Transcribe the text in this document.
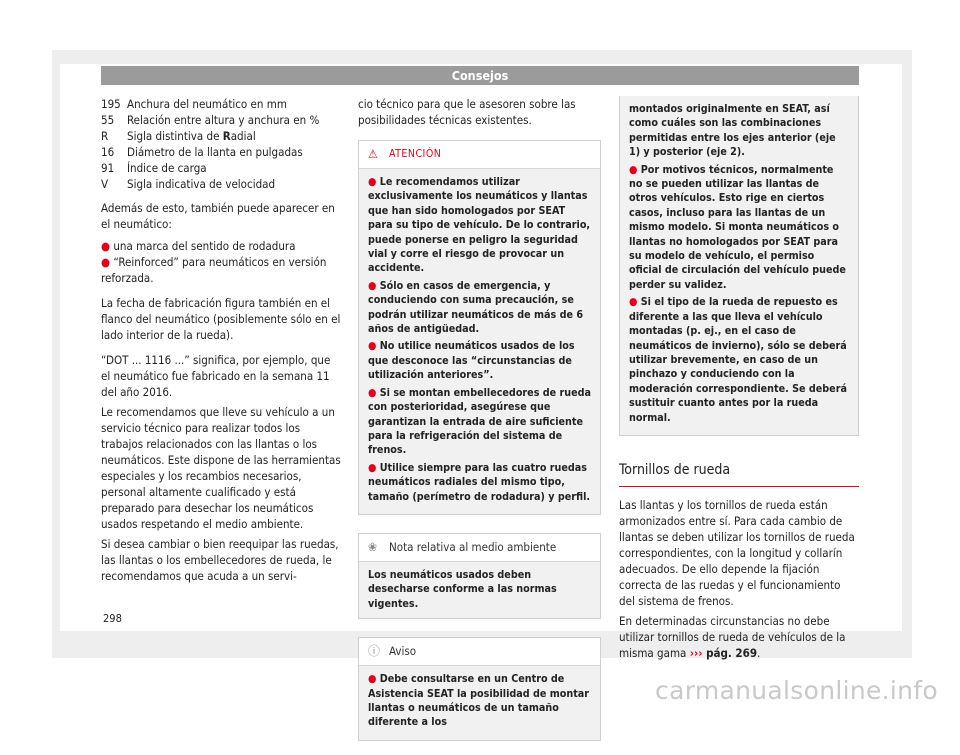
Consejos
195 Anchura del neumático en mm
55	Relación entre altura y anchura en %
R	Sigla distintiva de Radial
16	Diámetro de la llanta en pulgadas
91	Índice de carga
V	Sigla indicativa de velocidad

Además de esto, también puede aparecer en el neumático:

● una marca del sentido de rodadura
● “Reinforced” para neumáticos en versión reforzada.

La fecha de fabricación figura también en el flanco del neumático (posiblemente sólo en el lado interior de la rueda).

“DOT ... 1116 ...” significa, por ejemplo, que el neumático fue fabricado en la semana 11 del año 2016.

Le recomendamos que lleve su vehículo a un servicio técnico para realizar todos los trabajos relacionados con las llantas o los neumáticos. Este dispone de las herramientas especiales y los recambios necesarios, personal altamente cualificado y está preparado para desechar los neumáticos usados respetando el medio ambiente.

Si desea cambiar o bien reequipar las ruedas, las llantas o los embellecedores de rueda, le recomendamos que acuda a un servi-

cio técnico para que le asesoren sobre las posibilidades técnicas existentes.

⚠ ATENCIÓN
● Le recomendamos utilizar exclusivamente los neumáticos y llantas que han sido homologados por SEAT para su tipo de vehículo. De lo contrario, puede ponerse en peligro la seguridad vial y corre el riesgo de provocar un accidente.
● Sólo en casos de emergencia, y conduciendo con suma precaución, se podrán utilizar neumáticos de más de 6 años de antigüedad.
● No utilice neumáticos usados de los que desconoce las “circunstancias de utilización anteriores”.
● Si se montan embellecedores de rueda con posterioridad, asegúrese que garantizan la entrada de aire suficiente para la refrigeración del sistema de frenos.
● Utilice siempre para las cuatro ruedas neumáticos radiales del mismo tipo, tamaño (perímetro de rodadura) y perfil.
❀ Nota relativa al medio ambiente
Los neumáticos usados deben desecharse conforme a las normas vigentes.
ⓘ Aviso
● Debe consultarse en un Centro de Asistencia SEAT la posibilidad de montar llantas o neumáticos de un tamaño diferente a los
montados originalmente en SEAT, así como cuáles son las combinaciones permitidas entre los ejes anterior (eje 1) y posterior (eje 2).
● Por motivos técnicos, normalmente no se pueden utilizar las llantas de otros vehículos. Esto rige en ciertos casos, incluso para las llantas de un mismo modelo. Si monta neumáticos o llantas no homologados por SEAT para su modelo de vehículo, el permiso oficial de circulación del vehículo puede perder su validez.
● Si el tipo de la rueda de repuesto es diferente a las que lleva el vehículo montadas (p. ej., en el caso de neumáticos de invierno), sólo se deberá utilizar brevemente, en caso de un pinchazo y conduciendo con la moderación correspondiente. Se deberá sustituir cuanto antes por la rueda normal.
Tornillos de rueda

Las llantas y los tornillos de rueda están armonizados entre sí. Para cada cambio de llantas se deben utilizar los tornillos de rueda correspondientes, con la longitud y collarín adecuados. De ello depende la fijación correcta de las ruedas y el funcionamiento del sistema de frenos.

En determinadas circunstancias no debe utilizar tornillos de rueda de vehículos de la misma gama ››› pág. 269.

298
carmanualsonline.info
